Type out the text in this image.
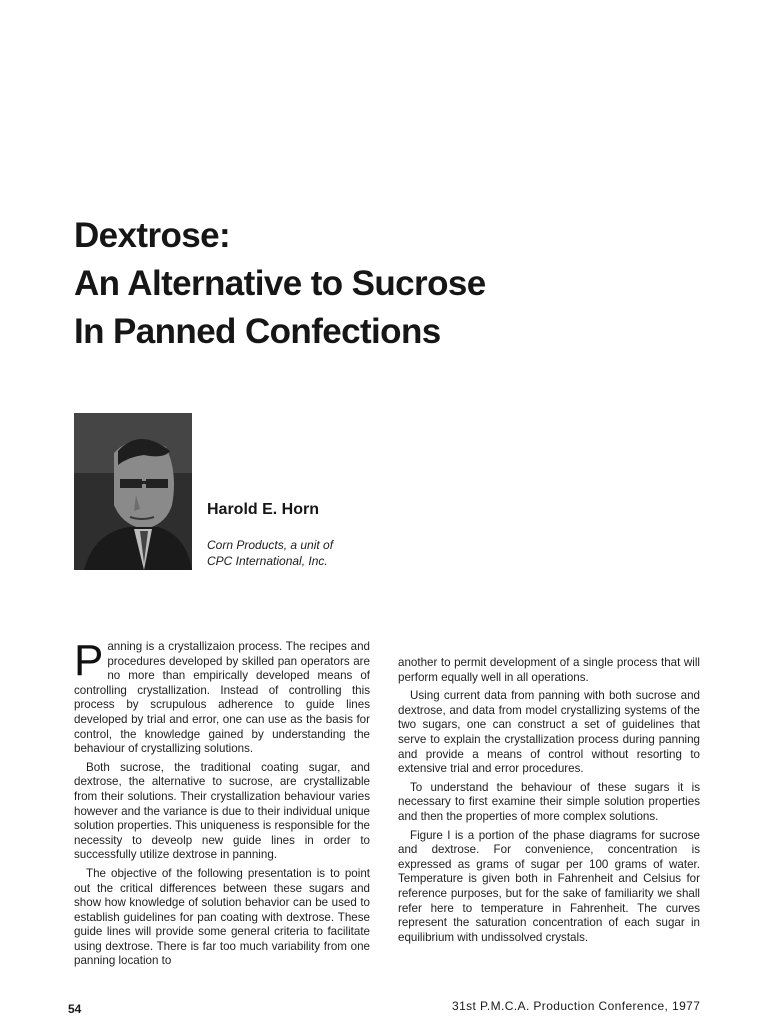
Dextrose:
An Alternative to Sucrose
In Panned Confections
Harold E. Horn
Corn Products, a unit of
CPC International, Inc.

Panning is a crystallizaion process. The recipes and procedures developed by skilled pan operators are no more than empirically developed means of controlling crystallization. Instead of controlling this process by scrupulous adherence to guide lines developed by trial and error, one can use as the basis for control, the knowledge gained by understanding the behaviour of crystallizing solutions.

Both sucrose, the traditional coating sugar, and dextrose, the alternative to sucrose, are crystallizable from their solutions. Their crystallization behaviour varies however and the variance is due to their individual unique solution properties. This uniqueness is responsible for the necessity to deveolp new guide lines in order to successfully utilize dextrose in panning.

The objective of the following presentation is to point out the critical differences between these sugars and show how knowledge of solution behavior can be used to establish guidelines for pan coating with dextrose. These guide lines will provide some general criteria to facilitate using dextrose. There is far too much variability from one panning location to

another to permit development of a single process that will perform equally well in all operations.

Using current data from panning with both sucrose and dextrose, and data from model crystallizing systems of the two sugars, one can construct a set of guidelines that serve to explain the crystallization process during panning and provide a means of control without resorting to extensive trial and error procedures.

To understand the behaviour of these sugars it is necessary to first examine their simple solution properties and then the properties of more complex solutions.

Figure I is a portion of the phase diagrams for sucrose and dextrose. For convenience, concentration is expressed as grams of sugar per 100 grams of water. Temperature is given both in Fahrenheit and Celsius for reference purposes, but for the sake of familiarity we shall refer here to temperature in Fahrenheit. The curves represent the saturation concentration of each sugar in equilibrium with undissolved crystals.

54	31st P.M.C.A. Production Conference, 1977
